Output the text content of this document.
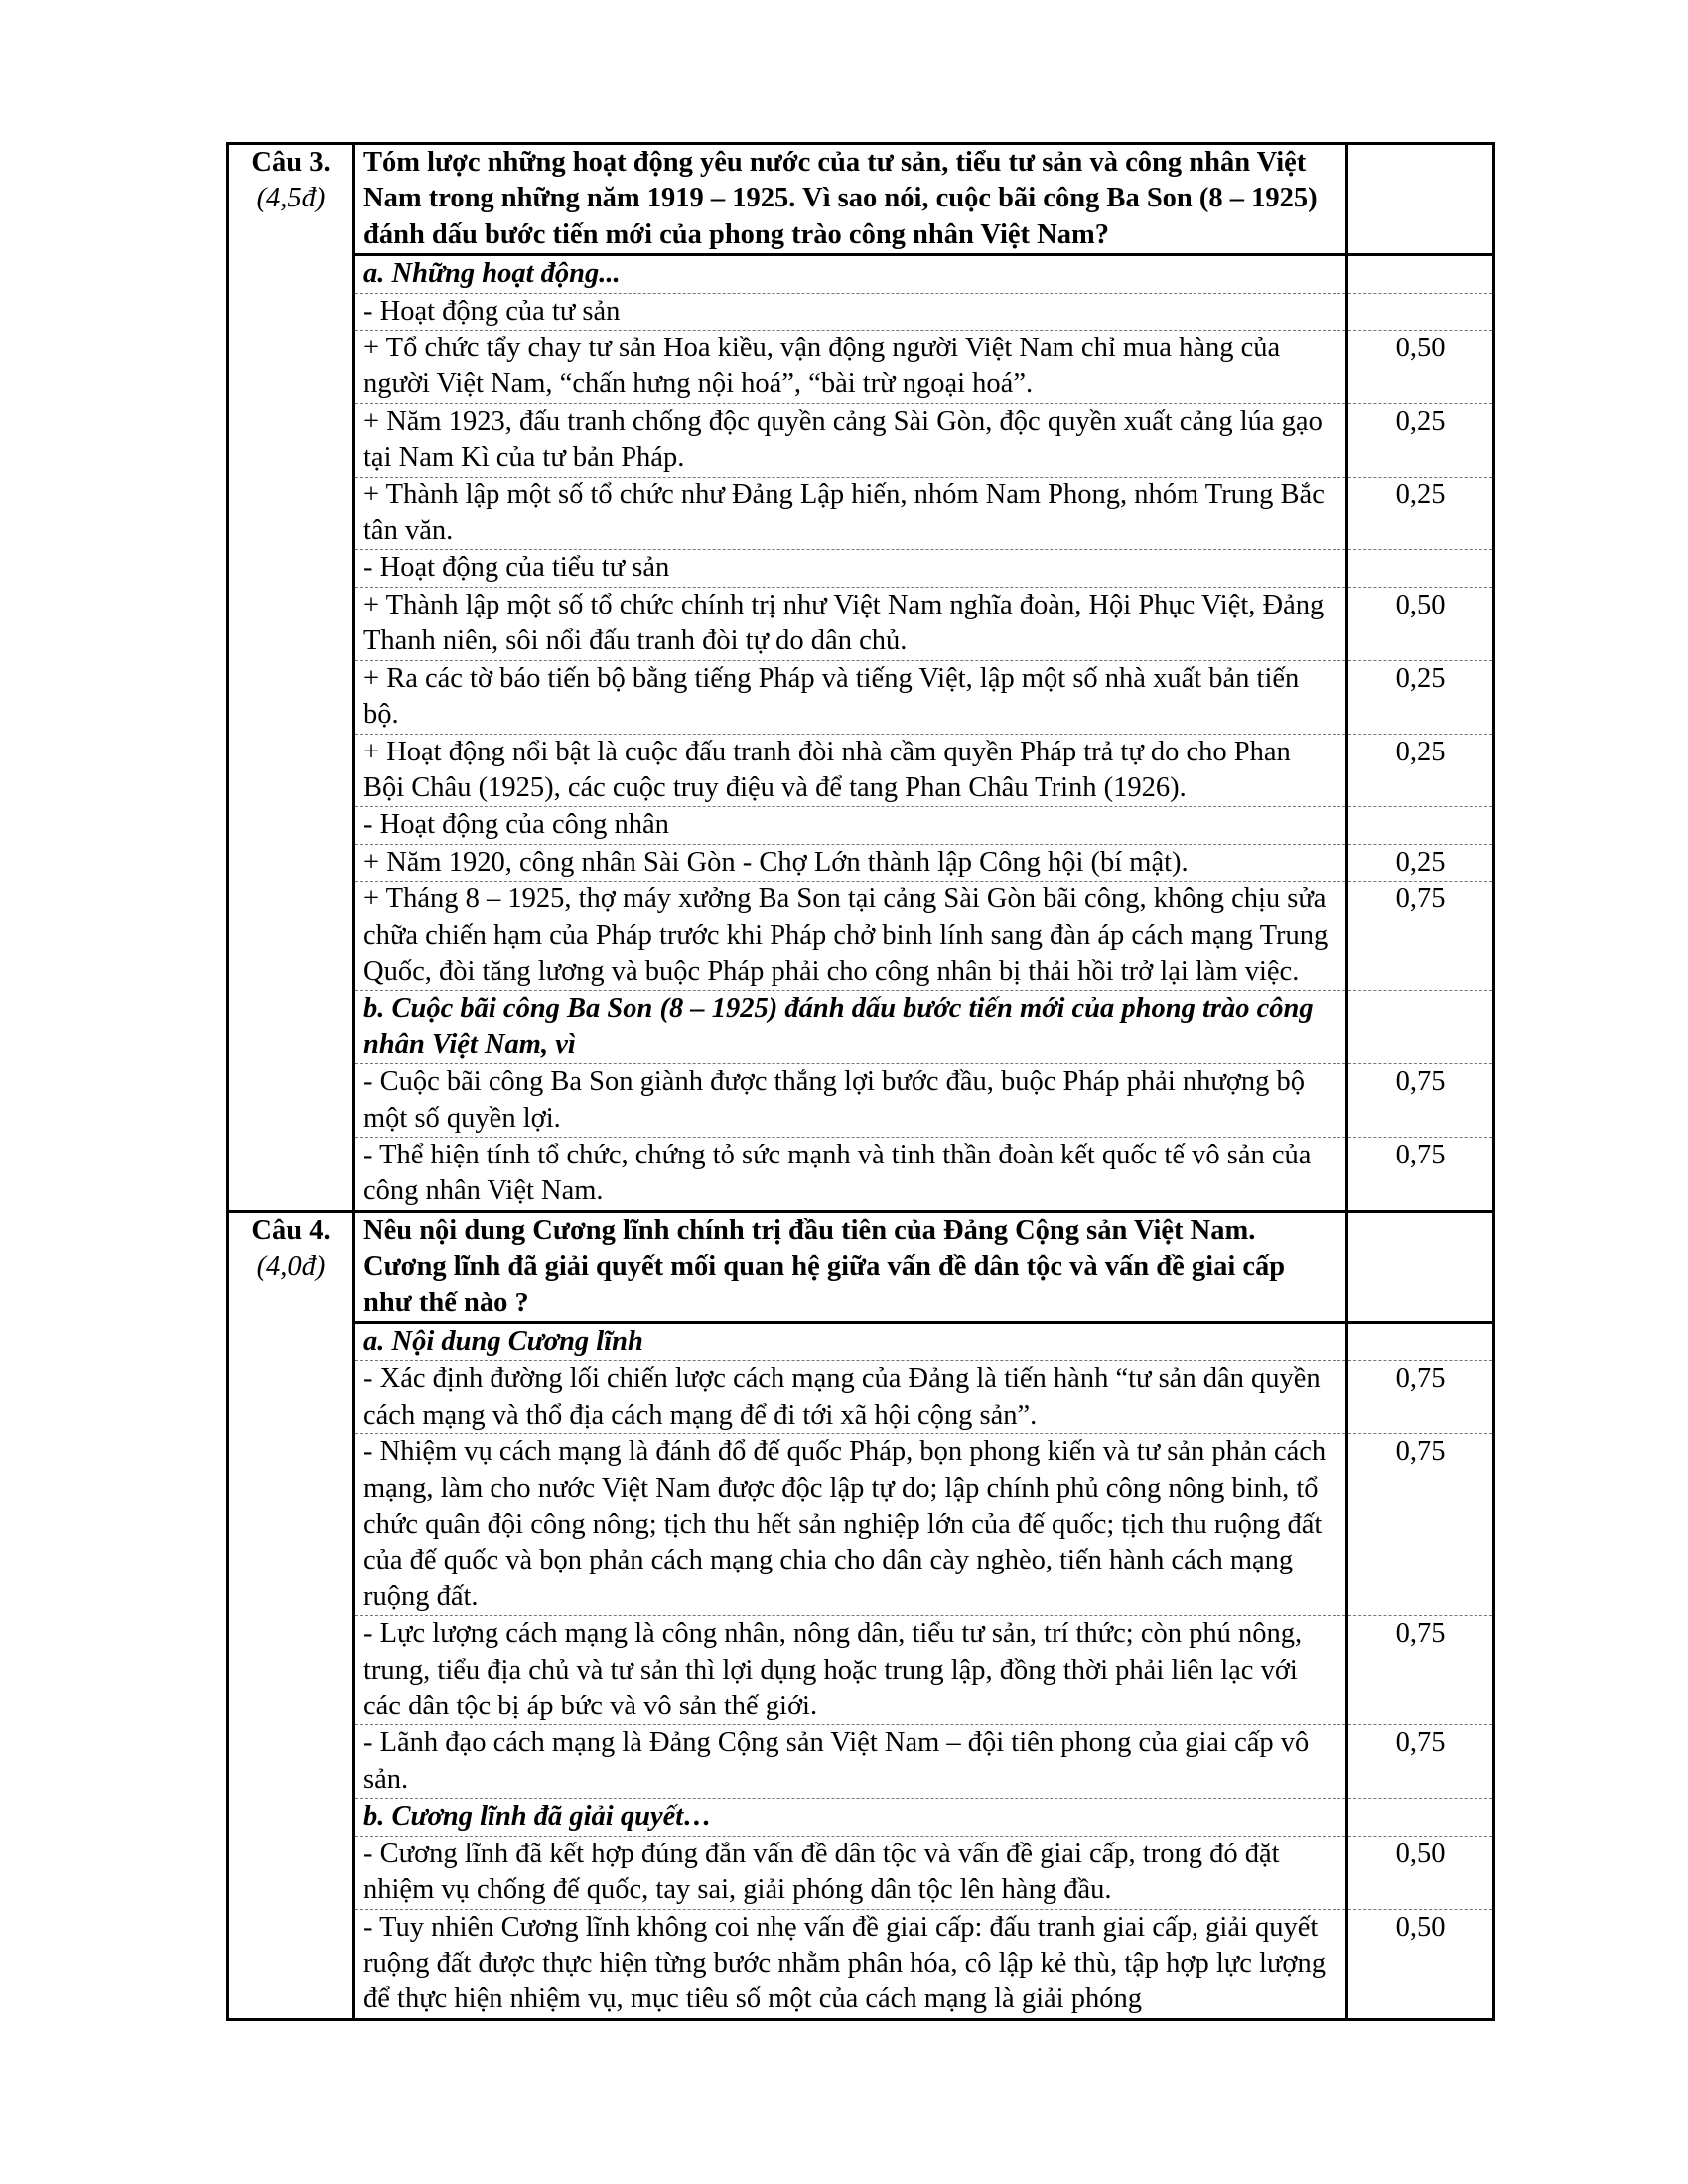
Câu 3.
(4,5đ)	Tóm lược những hoạt động yêu nước của tư sản, tiểu tư sản và công nhân Việt Nam trong những năm 1919 – 1925. Vì sao nói, cuộc bãi công Ba Son (8 – 1925) đánh dấu bước tiến mới của phong trào công nhân Việt Nam?	
	a. Những hoạt động...	
	- Hoạt động của tư sản	
	+ Tổ chức tẩy chay tư sản Hoa kiều, vận động người Việt Nam chỉ mua hàng của người Việt Nam, “chấn hưng nội hoá”, “bài trừ ngoại hoá”.	0,50
	+ Năm 1923, đấu tranh chống độc quyền cảng Sài Gòn, độc quyền xuất cảng lúa gạo tại Nam Kì của tư bản Pháp.	0,25
	+ Thành lập một số tổ chức như Đảng Lập hiến, nhóm Nam Phong, nhóm Trung Bắc tân văn.	0,25
	- Hoạt động của tiểu tư sản	
	+ Thành lập một số tổ chức chính trị như Việt Nam nghĩa đoàn, Hội Phục Việt, Đảng Thanh niên, sôi nổi đấu tranh đòi tự do dân chủ.	0,50
	+ Ra các tờ báo tiến bộ bằng tiếng Pháp và tiếng Việt, lập một số nhà xuất bản tiến bộ.	0,25
	+ Hoạt động nổi bật là cuộc đấu tranh đòi nhà cầm quyền Pháp trả tự do cho Phan Bội Châu (1925), các cuộc truy điệu và để tang Phan Châu Trinh (1926).	0,25
	- Hoạt động của công nhân	
	+ Năm 1920, công nhân Sài Gòn - Chợ Lớn thành lập Công hội (bí mật).	0,25
	+ Tháng 8 – 1925, thợ máy xưởng Ba Son tại cảng Sài Gòn bãi công, không chịu sửa chữa chiến hạm của Pháp trước khi Pháp chở binh lính sang đàn áp cách mạng Trung Quốc, đòi tăng lương và buộc Pháp phải cho công nhân bị thải hồi trở lại làm việc.	0,75
	b. Cuộc bãi công Ba Son (8 – 1925) đánh dấu bước tiến mới của phong trào công nhân Việt Nam, vì	
	- Cuộc bãi công Ba Son giành được thắng lợi bước đầu, buộc Pháp phải nhượng bộ một số quyền lợi.	0,75
	- Thể hiện tính tổ chức, chứng tỏ sức mạnh và tinh thần đoàn kết quốc tế vô sản của công nhân Việt Nam.	0,75

Câu 4.
(4,0đ)	Nêu nội dung Cương lĩnh chính trị đầu tiên của Đảng Cộng sản Việt Nam. Cương lĩnh đã giải quyết mối quan hệ giữa vấn đề dân tộc và vấn đề giai cấp như thế nào ?	
	a. Nội dung Cương lĩnh	
	- Xác định đường lối chiến lược cách mạng của Đảng là tiến hành “tư sản dân quyền cách mạng và thổ địa cách mạng để đi tới xã hội cộng sản”.	0,75
	- Nhiệm vụ cách mạng là đánh đổ đế quốc Pháp, bọn phong kiến và tư sản phản cách mạng, làm cho nước Việt Nam được độc lập tự do; lập chính phủ công nông binh, tổ chức quân đội công nông; tịch thu hết sản nghiệp lớn của đế quốc; tịch thu ruộng đất của đế quốc và bọn phản cách mạng chia cho dân cày nghèo, tiến hành cách mạng ruộng đất.	0,75
	- Lực lượng cách mạng là công nhân, nông dân, tiểu tư sản, trí thức; còn phú nông, trung, tiểu địa chủ và tư sản thì lợi dụng hoặc trung lập, đồng thời phải liên lạc với các dân tộc bị áp bức và vô sản thế giới.	0,75
	- Lãnh đạo cách mạng là Đảng Cộng sản Việt Nam – đội tiên phong của giai cấp vô sản.	0,75
	b. Cương lĩnh đã giải quyết…	
	- Cương lĩnh đã kết hợp đúng đắn vấn đề dân tộc và vấn đề giai cấp, trong đó đặt nhiệm vụ chống đế quốc, tay sai, giải phóng dân tộc lên hàng đầu.	0,50
	- Tuy nhiên Cương lĩnh không coi nhẹ vấn đề giai cấp: đấu tranh giai cấp, giải quyết ruộng đất được thực hiện từng bước nhằm phân hóa, cô lập kẻ thù, tập hợp lực lượng để thực hiện nhiệm vụ, mục tiêu số một của cách mạng là giải phóng	0,50
